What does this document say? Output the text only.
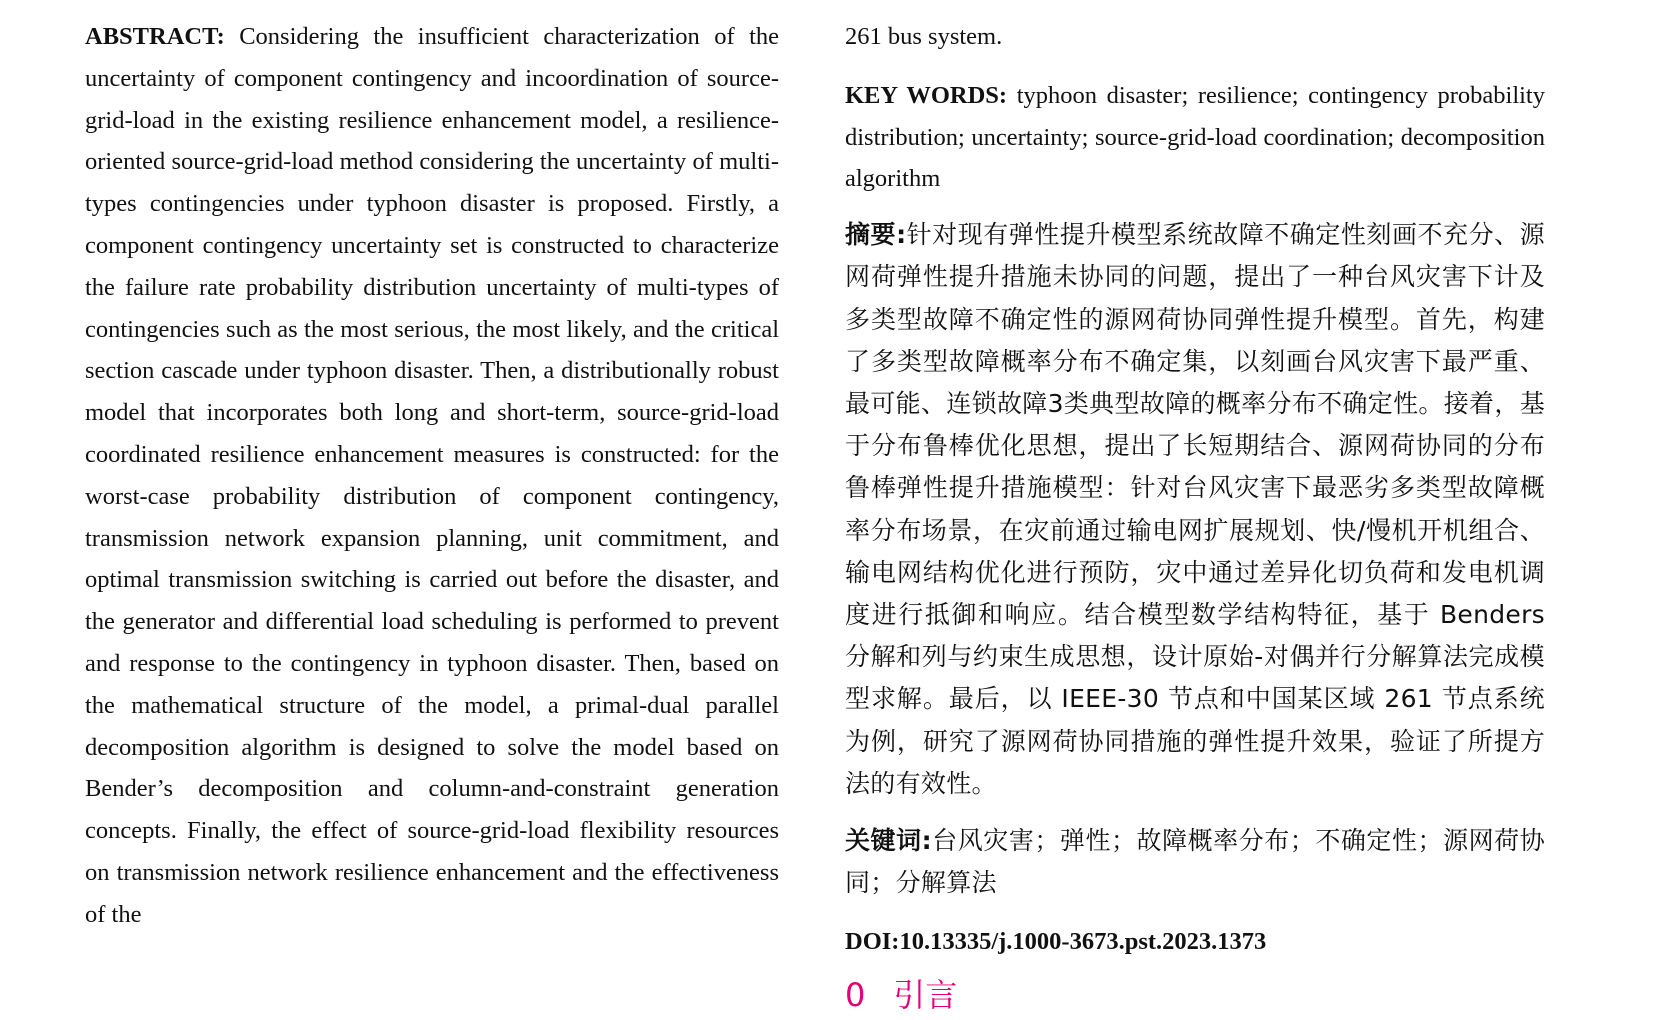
ABSTRACT: Considering the insufficient characterization of the uncertainty of component contingency and incoordination of source-grid-load in the existing resilience enhancement model, a resilience-oriented source-grid-load method considering the uncertainty of multi-types contingencies under typhoon disaster is proposed. Firstly, a component contingency uncertainty set is constructed to characterize the failure rate probability distribution uncertainty of multi-types of contingencies such as the most serious, the most likely, and the critical section cascade under typhoon disaster. Then, a distributionally robust model that incorporates both long and short-term, source-grid-load coordinated resilience enhancement measures is constructed: for the worst-case probability distribution of component contingency, transmission network expansion planning, unit commitment, and optimal transmission switching is carried out before the disaster, and the generator and differential load scheduling is performed to prevent and response to the contingency in typhoon disaster. Then, based on the mathematical structure of the model, a primal-dual parallel decomposition algorithm is designed to solve the model based on Bender’s decomposition and column-and-constraint generation concepts. Finally, the effect of source-grid-load flexibility resources on transmission network resilience enhancement and the effectiveness of the

261 bus system.

KEY WORDS: typhoon disaster; resilience; contingency probability distribution; uncertainty; source-grid-load coordination; decomposition algorithm

摘要:针对现有弹性提升模型系统故障不确定性刻画不充分、源网荷弹性提升措施未协同的问题，提出了一种台风灾害下计及多类型故障不确定性的源网荷协同弹性提升模型。首先，构建了多类型故障概率分布不确定集，以刻画台风灾害下最严重、最可能、连锁故障3类典型故障的概率分布不确定性。接着，基于分布鲁棒优化思想，提出了长短期结合、源网荷协同的分布鲁棒弹性提升措施模型：针对台风灾害下最恶劣多类型故障概率分布场景，在灾前通过输电网扩展规划、快/慢机开机组合、输电网结构优化进行预防，灾中通过差异化切负荷和发电机调度进行抵御和响应。结合模型数学结构特征，基于 Benders 分解和列与约束生成思想，设计原始-对偶并行分解算法完成模型求解。最后，以 IEEE-30 节点和中国某区域 261 节点系统为例，研究了源网荷协同措施的弹性提升效果，验证了所提方法的有效性。

关键词:台风灾害；弹性；故障概率分布；不确定性；源网荷协同；分解算法

DOI:10.13335/j.1000-3673.pst.2023.1373
0 引言
